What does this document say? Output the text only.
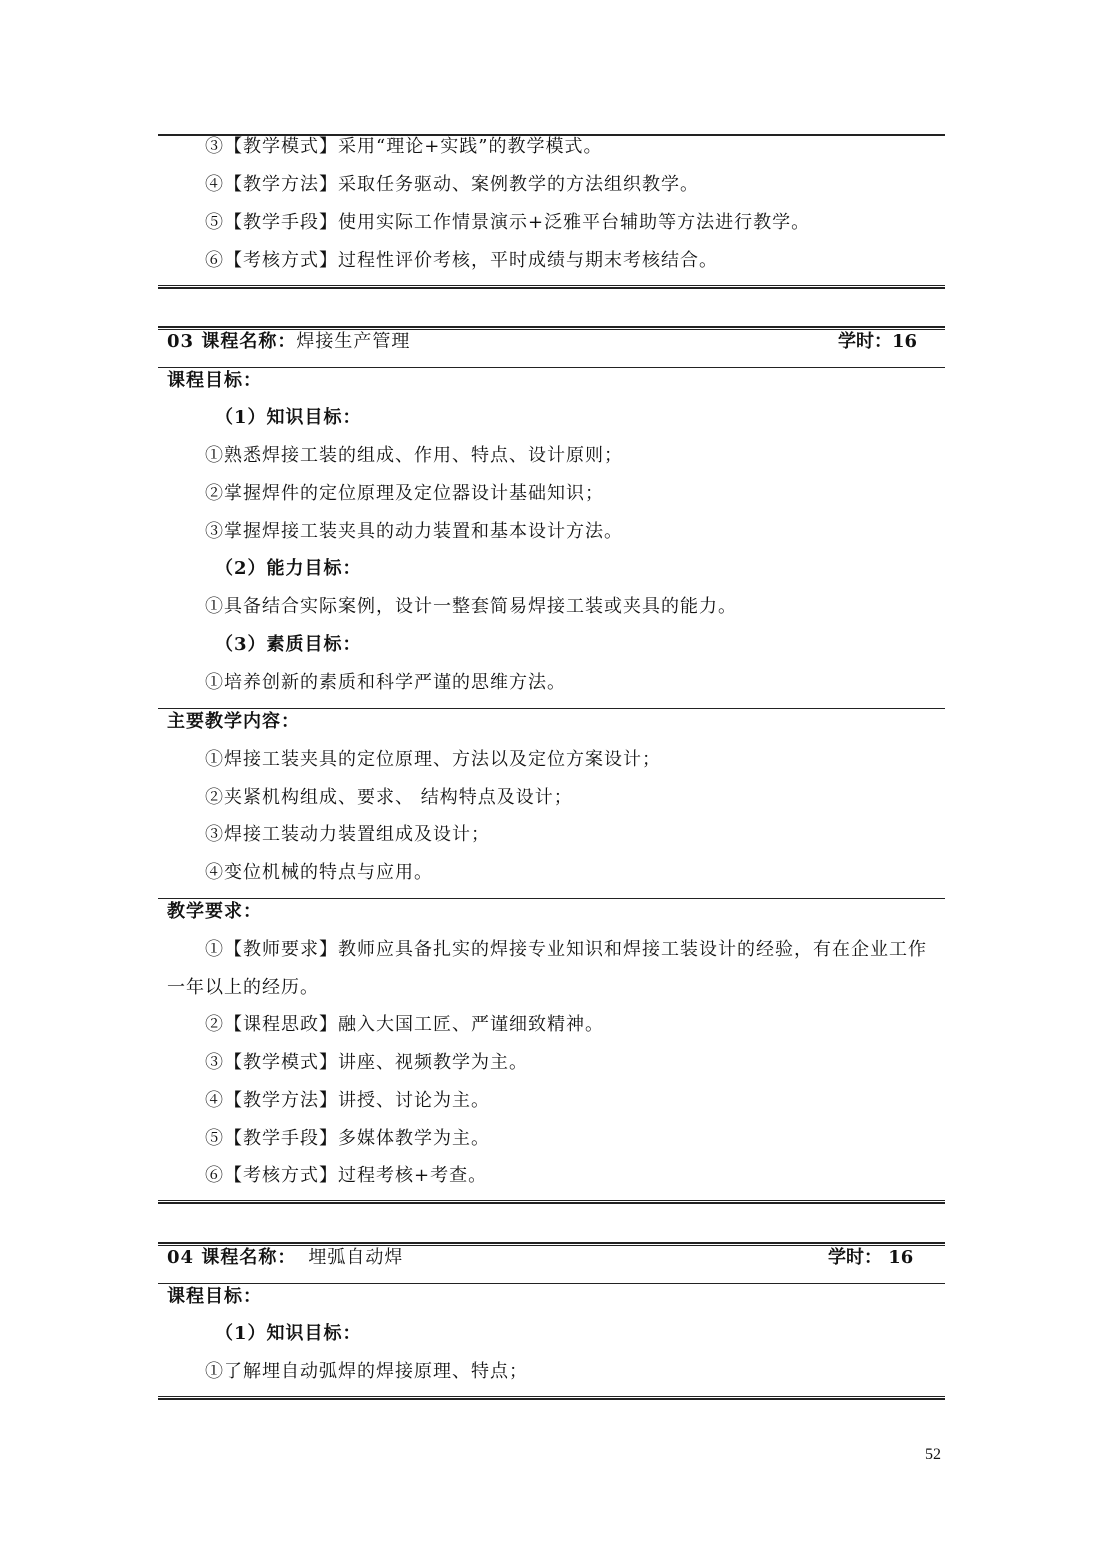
③【教学模式】采用“理论+实践”的教学模式。
④【教学方法】采取任务驱动、案例教学的方法组织教学。
⑤【教学手段】使用实际工作情景演示+泛雅平台辅助等方法进行教学。
⑥【考核方式】过程性评价考核，平时成绩与期末考核结合。
03 课程名称：焊接生产管理	学时：16
课程目标：
（1）知识目标：
①熟悉焊接工装的组成、作用、特点、设计原则；
②掌握焊件的定位原理及定位器设计基础知识；
③掌握焊接工装夹具的动力装置和基本设计方法。
（2）能力目标：
①具备结合实际案例，设计一整套简易焊接工装或夹具的能力。
（3）素质目标：
①培养创新的素质和科学严谨的思维方法。
主要教学内容：
①焊接工装夹具的定位原理、方法以及定位方案设计；
②夹紧机构组成、要求、 结构特点及设计；
③焊接工装动力装置组成及设计；
④变位机械的特点与应用。
教学要求：
①【教师要求】教师应具备扎实的焊接专业知识和焊接工装设计的经验，有在企业工作
一年以上的经历。
②【课程思政】融入大国工匠、严谨细致精神。
③【教学模式】讲座、视频教学为主。
④【教学方法】讲授、讨论为主。
⑤【教学手段】多媒体教学为主。
⑥【考核方式】过程考核+考查。
04 课程名称： 埋弧自动焊	学时： 16
课程目标：
（1）知识目标：
①了解埋自动弧焊的焊接原理、特点；
52
